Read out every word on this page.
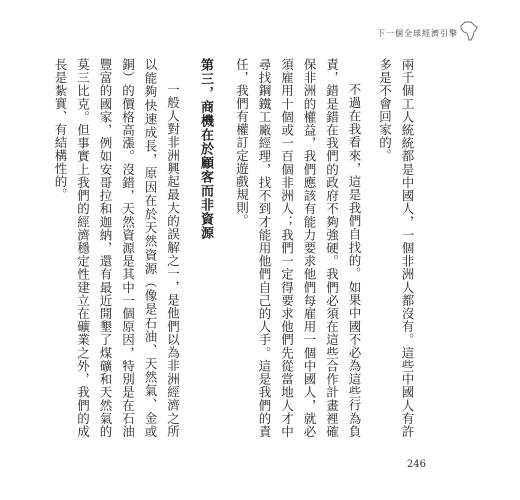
下一個全球經濟引擎

兩千個工人統統都是中國人，一個非洲人都沒有。這些中國人有許多是不會回家的。

不過在我看來，這是我們自找的。如果中國不必為這些行為負責，錯是錯在我們的政府不夠強硬。我們必須在這些合作計畫裡確保非洲的權益，我們應該有能力要求他們每雇用一個中國人，就必須雇用十個或一百個非洲人；我們一定得要求他們先從當地人才中尋找鋼鐵工廠經理，找不到才能用他們自己的人手。這是我們的責任，我們有權訂定遊戲規則。

第三，商機在於顧客而非資源

一般人對非洲興起最大的誤解之一，是他們以為非洲經濟之所以能夠快速成長，原因在於天然資源（像是石油、天然氣、金或銅）的價格高漲。沒錯，天然資源是其中一個原因，特別是在石油豐富的國家，例如安哥拉和迦納，還有最近開墾了煤礦和天然氣的莫三比克。但事實上我們的經濟穩定性建立在礦業之外，我們的成長是紮實、有結構性的。

246
